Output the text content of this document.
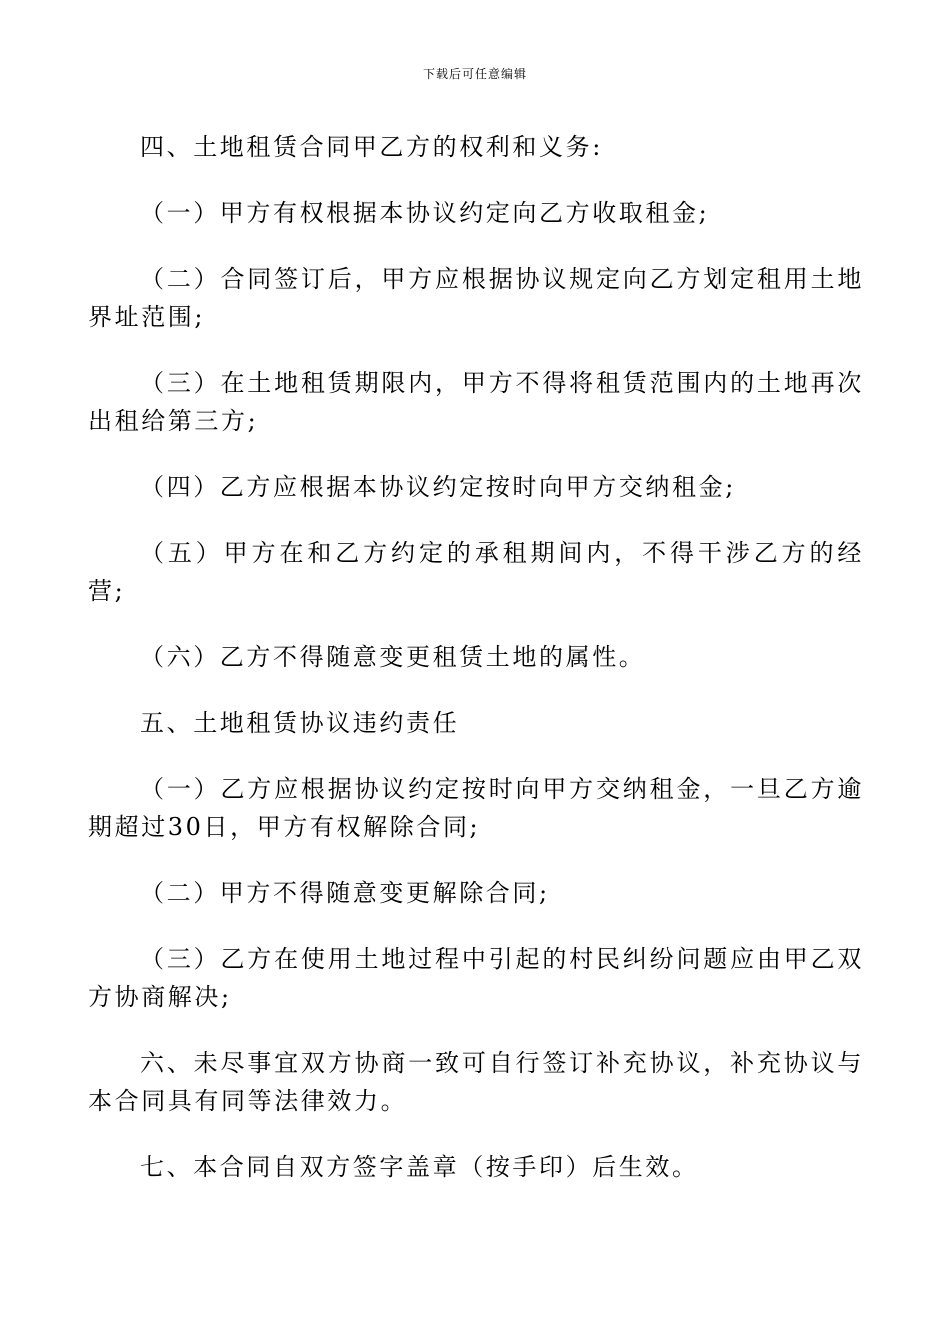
下载后可任意编辑

四、土地租赁合同甲乙方的权利和义务:

（一）甲方有权根据本协议约定向乙方收取租金;

（二）合同签订后，甲方应根据协议规定向乙方划定租用土地界址范围;

（三）在土地租赁期限内，甲方不得将租赁范围内的土地再次出租给第三方;

（四）乙方应根据本协议约定按时向甲方交纳租金;

（五）甲方在和乙方约定的承租期间内，不得干涉乙方的经营;

（六）乙方不得随意变更租赁土地的属性。

五、土地租赁协议违约责任

（一）乙方应根据协议约定按时向甲方交纳租金，一旦乙方逾期超过30日，甲方有权解除合同;

（二）甲方不得随意变更解除合同;

（三）乙方在使用土地过程中引起的村民纠纷问题应由甲乙双方协商解决;

六、未尽事宜双方协商一致可自行签订补充协议，补充协议与本合同具有同等法律效力。

七、本合同自双方签字盖章（按手印）后生效。
